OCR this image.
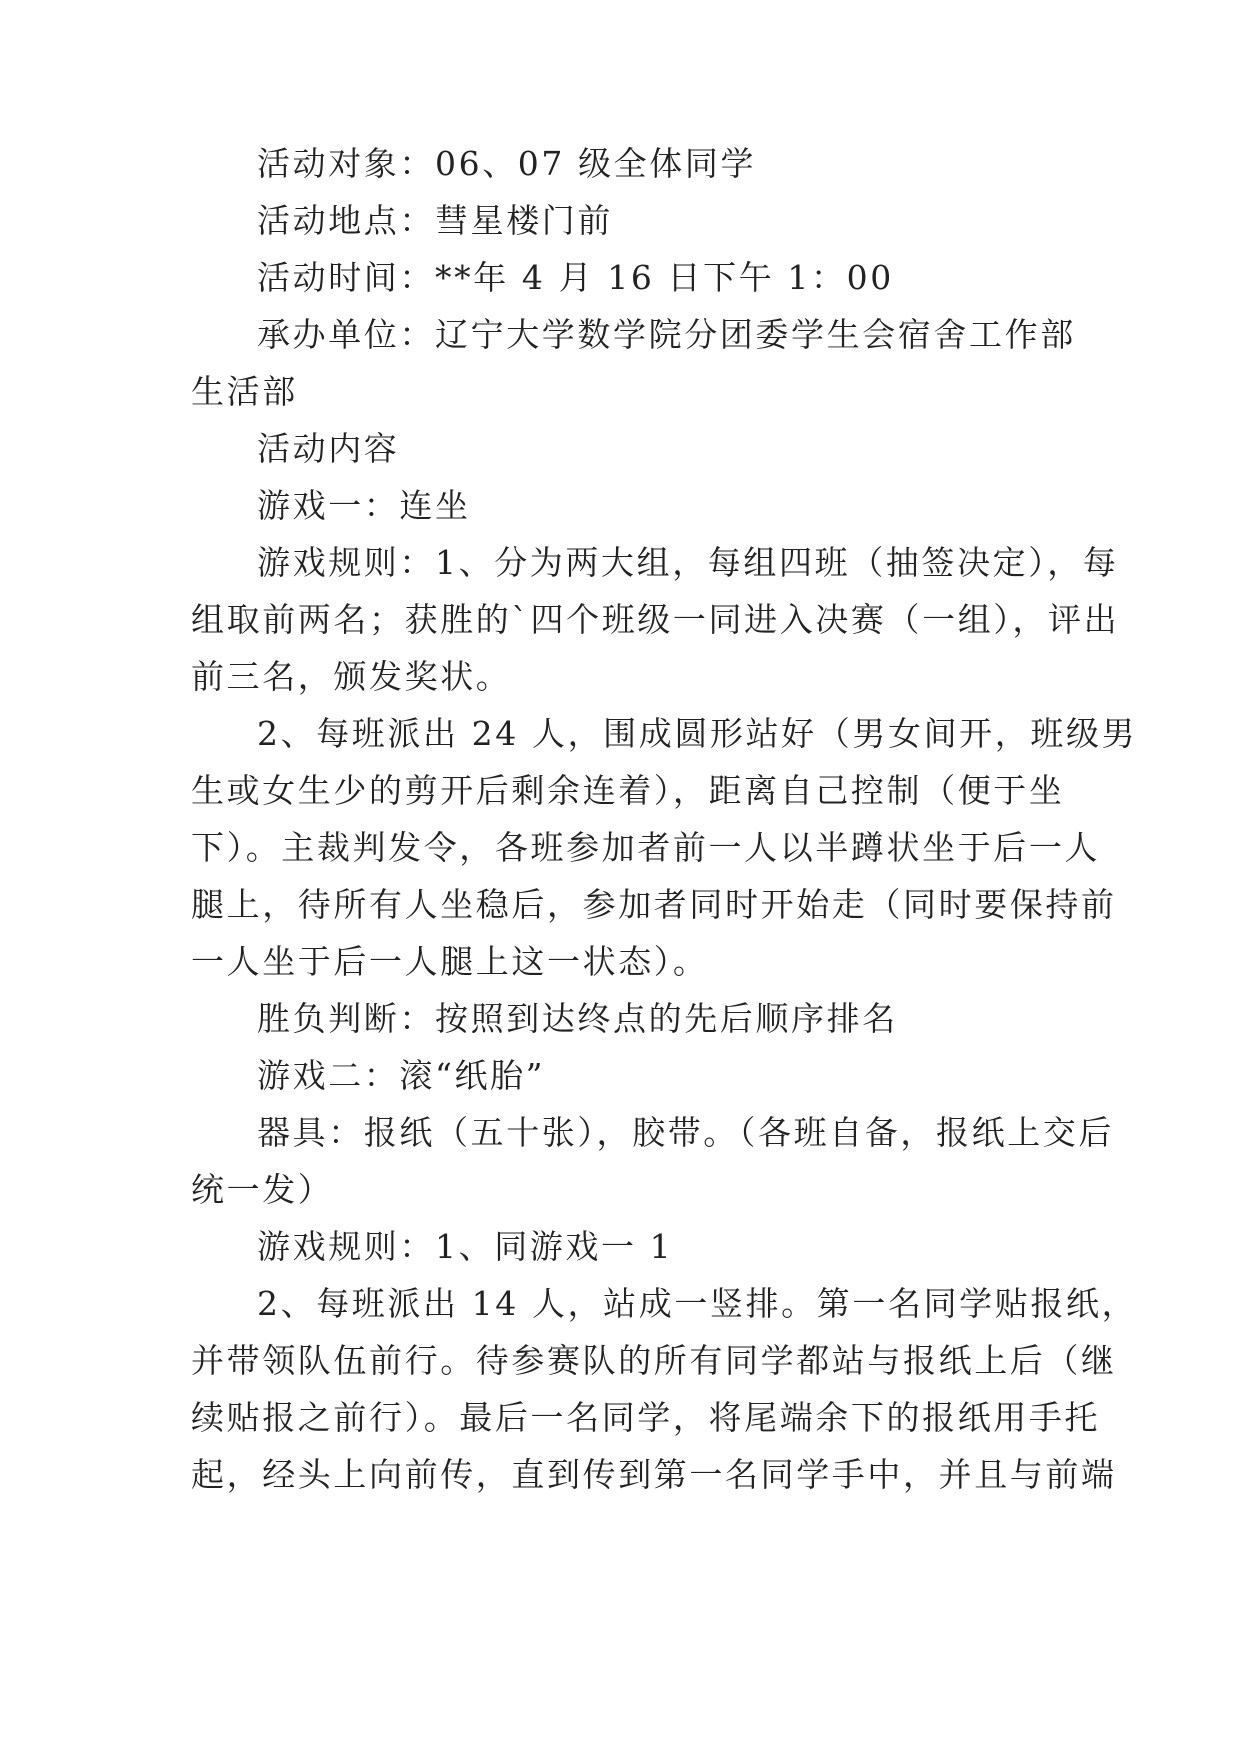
活动对象：06、07 级全体同学
活动地点：彗星楼门前
活动时间：**年 4 月 16 日下午 1：00
承办单位：辽宁大学数学院分团委学生会宿舍工作部
生活部
活动内容
游戏一：连坐
游戏规则：1、分为两大组，每组四班（抽签决定），每
组取前两名；获胜的`四个班级一同进入决赛（一组），评出
前三名，颁发奖状。
2、每班派出 24 人，围成圆形站好（男女间开，班级男
生或女生少的剪开后剩余连着），距离自己控制（便于坐
下）。主裁判发令，各班参加者前一人以半蹲状坐于后一人
腿上，待所有人坐稳后，参加者同时开始走（同时要保持前
一人坐于后一人腿上这一状态）。
胜负判断：按照到达终点的先后顺序排名
游戏二：滚“纸胎”
器具：报纸（五十张），胶带。（各班自备，报纸上交后
统一发）
游戏规则：1、同游戏一 1
2、每班派出 14 人，站成一竖排。第一名同学贴报纸，
并带领队伍前行。待参赛队的所有同学都站与报纸上后（继
续贴报之前行）。最后一名同学，将尾端余下的报纸用手托
起，经头上向前传，直到传到第一名同学手中，并且与前端
